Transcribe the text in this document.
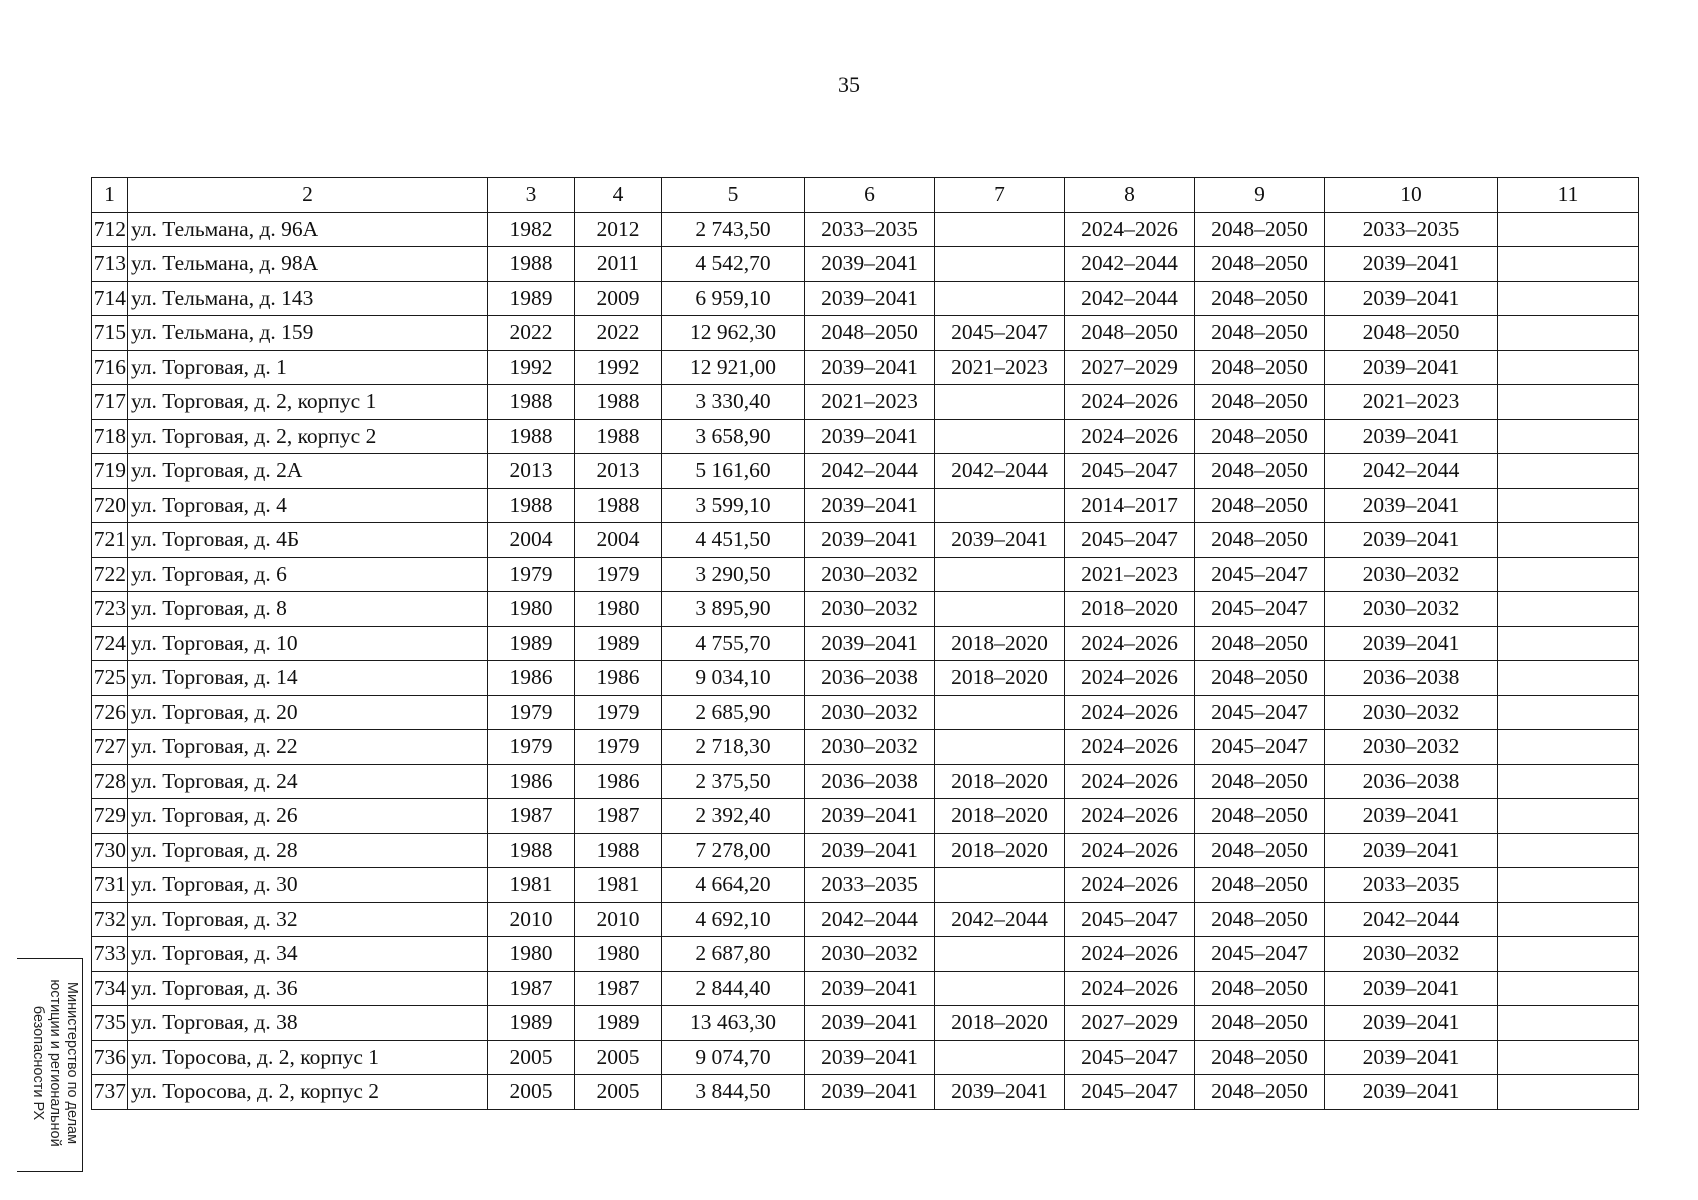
35
1	2	3	4	5	6	7	8	9	10	11
712	ул. Тельмана, д. 96А	1982	2012	2 743,50	2033–2035		2024–2026	2048–2050	2033–2035	
713	ул. Тельмана, д. 98А	1988	2011	4 542,70	2039–2041		2042–2044	2048–2050	2039–2041	
714	ул. Тельмана, д. 143	1989	2009	6 959,10	2039–2041		2042–2044	2048–2050	2039–2041	
715	ул. Тельмана, д. 159	2022	2022	12 962,30	2048–2050	2045–2047	2048–2050	2048–2050	2048–2050	
716	ул. Торговая, д. 1	1992	1992	12 921,00	2039–2041	2021–2023	2027–2029	2048–2050	2039–2041	
717	ул. Торговая, д. 2, корпус 1	1988	1988	3 330,40	2021–2023		2024–2026	2048–2050	2021–2023	
718	ул. Торговая, д. 2, корпус 2	1988	1988	3 658,90	2039–2041		2024–2026	2048–2050	2039–2041	
719	ул. Торговая, д. 2А	2013	2013	5 161,60	2042–2044	2042–2044	2045–2047	2048–2050	2042–2044	
720	ул. Торговая, д. 4	1988	1988	3 599,10	2039–2041		2014–2017	2048–2050	2039–2041	
721	ул. Торговая, д. 4Б	2004	2004	4 451,50	2039–2041	2039–2041	2045–2047	2048–2050	2039–2041	
722	ул. Торговая, д. 6	1979	1979	3 290,50	2030–2032		2021–2023	2045–2047	2030–2032	
723	ул. Торговая, д. 8	1980	1980	3 895,90	2030–2032		2018–2020	2045–2047	2030–2032	
724	ул. Торговая, д. 10	1989	1989	4 755,70	2039–2041	2018–2020	2024–2026	2048–2050	2039–2041	
725	ул. Торговая, д. 14	1986	1986	9 034,10	2036–2038	2018–2020	2024–2026	2048–2050	2036–2038	
726	ул. Торговая, д. 20	1979	1979	2 685,90	2030–2032		2024–2026	2045–2047	2030–2032	
727	ул. Торговая, д. 22	1979	1979	2 718,30	2030–2032		2024–2026	2045–2047	2030–2032	
728	ул. Торговая, д. 24	1986	1986	2 375,50	2036–2038	2018–2020	2024–2026	2048–2050	2036–2038	
729	ул. Торговая, д. 26	1987	1987	2 392,40	2039–2041	2018–2020	2024–2026	2048–2050	2039–2041	
730	ул. Торговая, д. 28	1988	1988	7 278,00	2039–2041	2018–2020	2024–2026	2048–2050	2039–2041	
731	ул. Торговая, д. 30	1981	1981	4 664,20	2033–2035		2024–2026	2048–2050	2033–2035	
732	ул. Торговая, д. 32	2010	2010	4 692,10	2042–2044	2042–2044	2045–2047	2048–2050	2042–2044	
733	ул. Торговая, д. 34	1980	1980	2 687,80	2030–2032		2024–2026	2045–2047	2030–2032	
734	ул. Торговая, д. 36	1987	1987	2 844,40	2039–2041		2024–2026	2048–2050	2039–2041	
735	ул. Торговая, д. 38	1989	1989	13 463,30	2039–2041	2018–2020	2027–2029	2048–2050	2039–2041	
736	ул. Торосова, д. 2, корпус 1	2005	2005	9 074,70	2039–2041		2045–2047	2048–2050	2039–2041	
737	ул. Торосова, д. 2, корпус 2	2005	2005	3 844,50	2039–2041	2039–2041	2045–2047	2048–2050	2039–2041	
Министерство по делам
юстиции и региональной
безопасности РХ
